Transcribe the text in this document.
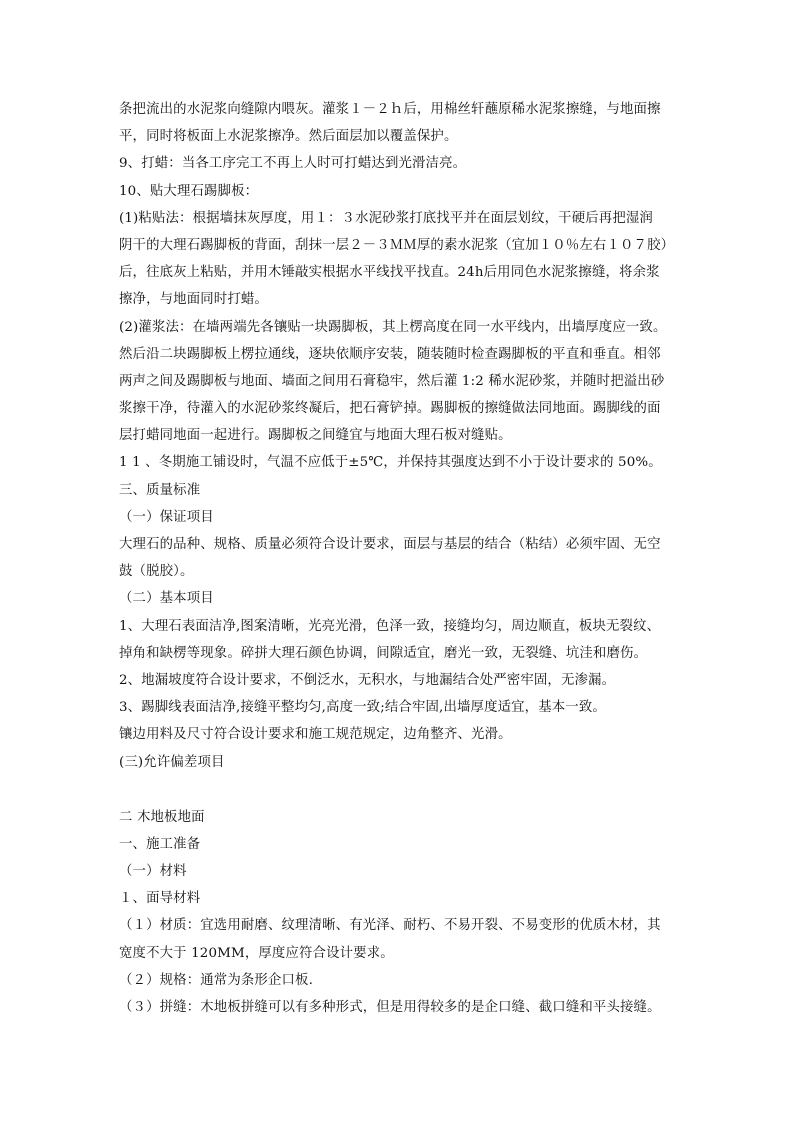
条把流出的水泥浆向缝隙内喂灰。灌浆１－２ｈ后，用棉丝轩蘸原稀水泥浆擦缝，与地面擦
平，同时将板面上水泥浆擦净。然后面层加以覆盖保护。
9、打蜡：当各工序完工不再上人时可打蜡达到光滑洁亮。
10、贴大理石踢脚板：
(1)粘贴法：根据墙抹灰厚度，用１：３水泥砂浆打底找平并在面层划纹，干硬后再把湿润
阴干的大理石踢脚板的背面，刮抹一层２－３ＭＭ厚的素水泥浆（宜加１０％左右１０７胶）
后，往底灰上粘贴，并用木锤敲实根据水平线找平找直。24h后用同色水泥浆擦缝，将余浆
擦净，与地面同时打蜡。
(2)灌浆法：在墙两端先各镶贴一块踢脚板，其上楞高度在同一水平线内，出墙厚度应一致。
然后沿二块踢脚板上楞拉通线，逐块依顺序安装，随装随时检查踢脚板的平直和垂直。相邻
两声之间及踢脚板与地面、墙面之间用石膏稳牢，然后灌 1:2 稀水泥砂浆，并随时把溢出砂
浆擦干净，待灌入的水泥砂浆终凝后，把石膏铲掉。踢脚板的擦缝做法同地面。踢脚线的面
层打蜡同地面一起进行。踢脚板之间缝宜与地面大理石板对缝贴。
1 1 、冬期施工铺设时，气温不应低于±5℃，并保持其强度达到不小于设计要求的 50%。
三、质量标准
（一）保证项目
大理石的品种、规格、质量必须符合设计要求，面层与基层的结合（粘结）必须牢固、无空
鼓（脱胶）。
（二）基本项目
1、大理石表面洁净,图案清晰，光亮光滑，色泽一致，接缝均匀，周边顺直，板块无裂纹、
掉角和缺楞等现象。碎拼大理石颜色协调，间隙适宜，磨光一致，无裂缝、坑洼和磨伤。
2、地漏坡度符合设计要求，不倒泛水，无积水，与地漏结合处严密牢固，无渗漏。
3、踢脚线表面洁净,接缝平整均匀,高度一致;结合牢固,出墙厚度适宜，基本一致。
镶边用料及尺寸符合设计要求和施工规范规定，边角整齐、光滑。
(三)允许偏差项目
二 木地板地面
一、施工准备
（一）材料
１、面导材料
（１）材质：宜选用耐磨、纹理清晰、有光泽、耐朽、不易开裂、不易变形的优质木材，其
宽度不大于 120MM，厚度应符合设计要求。
（２）规格：通常为条形企口板.
（３）拼缝：木地板拼缝可以有多种形式，但是用得较多的是企口缝、截口缝和平头接缝。
